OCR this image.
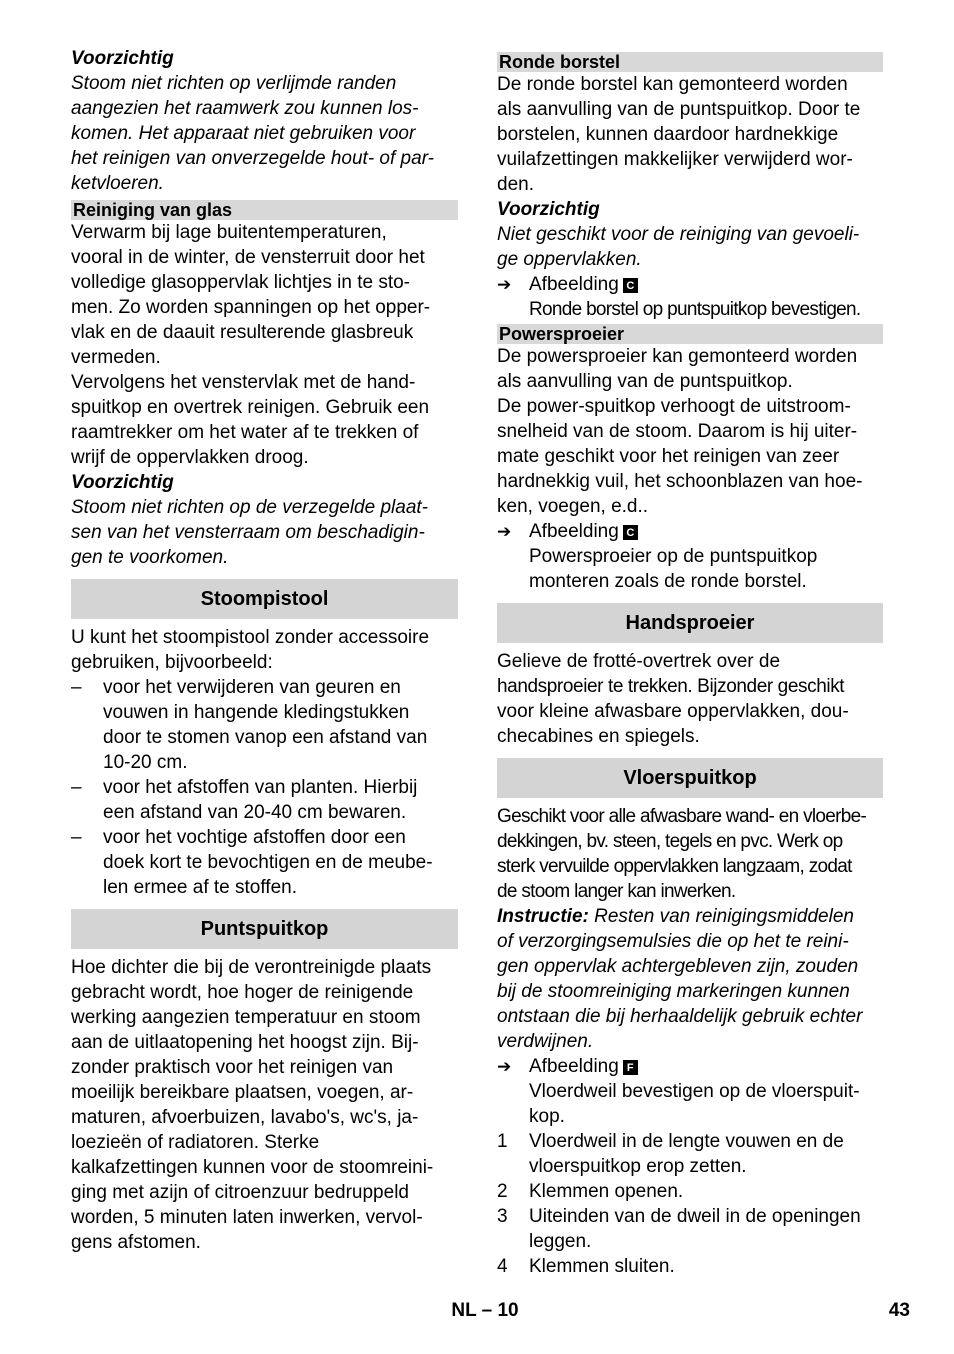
Voorzichtig

Stoom niet richten op verlijmde randen
aangezien het raamwerk zou kunnen los-
komen. Het apparaat niet gebruiken voor
het reinigen van onverzegelde hout- of par-
ketvloeren.

Reiniging van glas

Verwarm bij lage buitentemperaturen,
vooral in de winter, de vensterruit door het
volledige glasoppervlak lichtjes in te sto-
men. Zo worden spanningen op het opper-
vlak en de daauit resulterende glasbreuk
vermeden.
Vervolgens het venstervlak met de hand-
spuitkop en overtrek reinigen. Gebruik een
raamtrekker om het water af te trekken of
wrijf de oppervlakken droog.

Voorzichtig

Stoom niet richten op de verzegelde plaat-
sen van het vensterraam om beschadigin-
gen te voorkomen.

Stoompistool

U kunt het stoompistool zonder accessoire
gebruiken, bijvoorbeeld:

–	voor het verwijderen van geuren en
vouwen in hangende kledingstukken
door te stomen vanop een afstand van
10-20 cm.

–	voor het afstoffen van planten. Hierbij
een afstand van 20-40 cm bewaren.

–	voor het vochtige afstoffen door een
doek kort te bevochtigen en de meube-
len ermee af te stoffen.

Puntspuitkop

Hoe dichter die bij de verontreinigde plaats
gebracht wordt, hoe hoger de reinigende
werking aangezien temperatuur en stoom
aan de uitlaatopening het hoogst zijn. Bij-
zonder praktisch voor het reinigen van
moeilijk bereikbare plaatsen, voegen, ar-
maturen, afvoerbuizen, lavabo's, wc's, ja-
loezieën of radiatoren. Sterke
kalkafzettingen kunnen voor de stoomreini-
ging met azijn of citroenzuur bedruppeld
worden, 5 minuten laten inwerken, vervol-
gens afstomen.

Ronde borstel

De ronde borstel kan gemonteerd worden
als aanvulling van de puntspuitkop. Door te
borstelen, kunnen daardoor hardnekkige
vuilafzettingen makkelijker verwijderd wor-
den.

Voorzichtig

Niet geschikt voor de reiniging van gevoeli-
ge oppervlakken.

➔ Afbeelding C

Ronde borstel op puntspuitkop bevestigen.

Powersproeier

De powersproeier kan gemonteerd worden
als aanvulling van de puntspuitkop.
De power-spuitkop verhoogt de uitstroom-
snelheid van de stoom. Daarom is hij uiter-
mate geschikt voor het reinigen van zeer
hardnekkig vuil, het schoonblazen van hoe-
ken, voegen, e.d..

➔ Afbeelding C

Powersproeier op de puntspuitkop
monteren zoals de ronde borstel.

Handsproeier

Gelieve de frotté-overtrek over de
handsproeier te trekken. Bijzonder geschikt
voor kleine afwasbare oppervlakken, dou-
checabines en spiegels.

Vloerspuitkop

Geschikt voor alle afwasbare wand- en vloerbe-
dekkingen, bv. steen, tegels en pvc. Werk op
sterk vervuilde oppervlakken langzaam, zodat
de stoom langer kan inwerken.

Instructie: Resten van reinigingsmiddelen
of verzorgingsemulsies die op het te reini-
gen oppervlak achtergebleven zijn, zouden
bij de stoomreiniging markeringen kunnen
ontstaan die bij herhaaldelijk gebruik echter
verdwijnen.

➔ Afbeelding F

Vloerdweil bevestigen op de vloerspuit-
kop.

1	Vloerdweil in de lengte vouwen en de
vloerspuitkop erop zetten.

2	Klemmen openen.

3	Uiteinden van de dweil in de openingen
leggen.

4	Klemmen sluiten.

NL – 10	43
